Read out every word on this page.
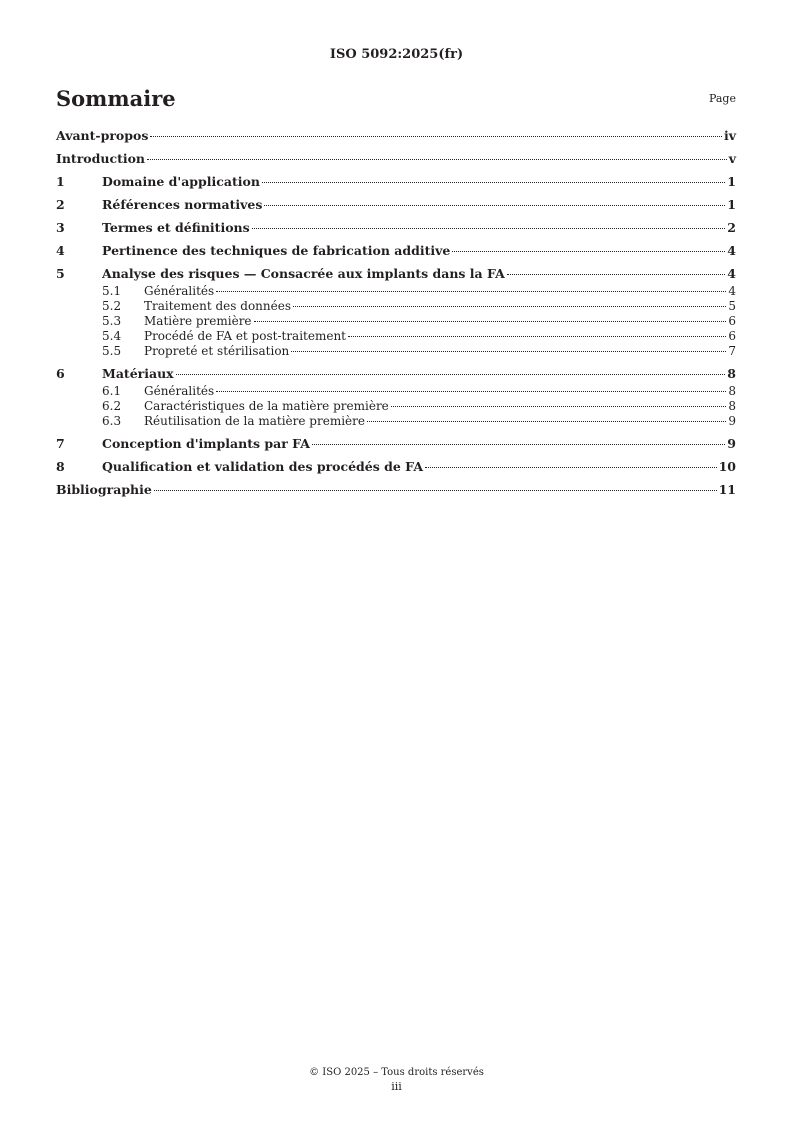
ISO 5092:2025(fr)
Sommaire	Page
Avant-propos	iv
Introduction	v
1	Domaine d'application	1
2	Références normatives	1
3	Termes et définitions	2
4	Pertinence des techniques de fabrication additive	4
5	Analyse des risques — Consacrée aux implants dans la FA	4
5.1	Généralités	4
5.2	Traitement des données	5
5.3	Matière première	6
5.4	Procédé de FA et post-traitement	6
5.5	Propreté et stérilisation	7
6	Matériaux	8
6.1	Généralités	8
6.2	Caractéristiques de la matière première	8
6.3	Réutilisation de la matière première	9
7	Conception d'implants par FA	9
8	Qualification et validation des procédés de FA	10
Bibliographie	11
© ISO 2025 – Tous droits réservés
iii
